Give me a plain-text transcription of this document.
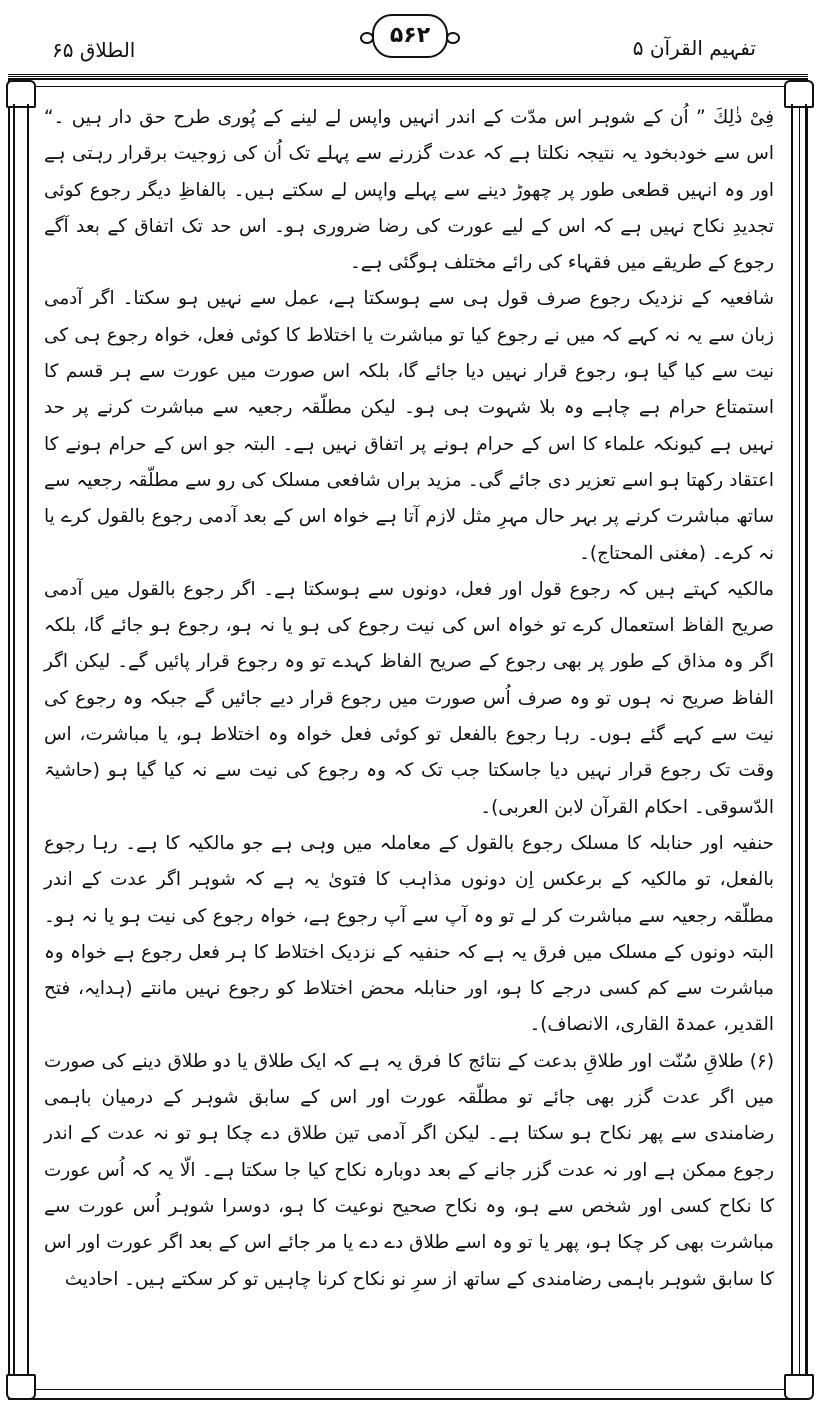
الطلاق ۶۵
۵۶۲	تفہیم القرآن ۵

فِیْ ذٰلِكَ ” اُن کے شوہر اس مدّت کے اندر انہیں واپس لے لینے کے پُوری طرح حق دار ہیں ۔“ اس سے خودبخود یہ نتیجہ نکلتا ہے کہ عدت گزرنے سے پہلے تک اُن کی زوجیت برقرار رہتی ہے اور وہ انہیں قطعی طور پر چھوڑ دینے سے پہلے واپس لے سکتے ہیں۔ بالفاظِ دیگر رجوع کوئی تجدیدِ نکاح نہیں ہے کہ اس کے لیے عورت کی رضا ضروری ہو۔ اس حد تک اتفاق کے بعد آگے رجوع کے طریقے میں فقہاء کی رائے مختلف ہوگئی ہے۔

شافعیہ کے نزدیک رجوع صرف قول ہی سے ہوسکتا ہے، عمل سے نہیں ہو سکتا۔ اگر آدمی زبان سے یہ نہ کہے کہ میں نے رجوع کیا تو مباشرت یا اختلاط کا کوئی فعل، خواہ رجوع ہی کی نیت سے کیا گیا ہو، رجوع قرار نہیں دیا جائے گا، بلکہ اس صورت میں عورت سے ہر قسم کا استمتاع حرام ہے چاہے وہ بلا شہوت ہی ہو۔ لیکن مطلّقہ رجعیہ سے مباشرت کرنے پر حد نہیں ہے کیونکہ علماء کا اس کے حرام ہونے پر اتفاق نہیں ہے۔ البتہ جو اس کے حرام ہونے کا اعتقاد رکھتا ہو اسے تعزیر دی جائے گی۔ مزید براں شافعی مسلک کی رو سے مطلّقہ رجعیہ سے ساتھ مباشرت کرنے پر بہر حال مہرِ مثل لازم آتا ہے خواہ اس کے بعد آدمی رجوع بالقول کرے یا نہ کرے۔ (مغنی المحتاج)۔

مالکیہ کہتے ہیں کہ رجوع قول اور فعل، دونوں سے ہوسکتا ہے۔ اگر رجوع بالقول میں آدمی صریح الفاظ استعمال کرے تو خواہ اس کی نیت رجوع کی ہو یا نہ ہو، رجوع ہو جائے گا، بلکہ اگر وہ مذاق کے طور پر بھی رجوع کے صریح الفاظ کہدے تو وہ رجوع قرار پائیں گے۔ لیکن اگر الفاظ صریح نہ ہوں تو وہ صرف اُس صورت میں رجوع قرار دیے جائیں گے جبکہ وہ رجوع کی نیت سے کہے گئے ہوں۔ رہا رجوع بالفعل تو کوئی فعل خواہ وہ اختلاط ہو، یا مباشرت، اس وقت تک رجوع قرار نہیں دیا جاسکتا جب تک کہ وہ رجوع کی نیت سے نہ کیا گیا ہو (حاشیۃ الدّسوقی۔ احکام القرآن لابن العربی)۔

حنفیہ اور حنابلہ کا مسلک رجوع بالقول کے معاملہ میں وہی ہے جو مالکیہ کا ہے۔ رہا رجوع بالفعل، تو مالکیہ کے برعکس اِن دونوں مذاہب کا فتویٰ یہ ہے کہ شوہر اگر عدت کے اندر مطلّقہ رجعیہ سے مباشرت کر لے تو وہ آپ سے آپ رجوع ہے، خواہ رجوع کی نیت ہو یا نہ ہو۔ البتہ دونوں کے مسلک میں فرق یہ ہے کہ حنفیہ کے نزدیک اختلاط کا ہر فعل رجوع ہے خواہ وہ مباشرت سے کم کسی درجے کا ہو، اور حنابلہ محض اختلاط کو رجوع نہیں مانتے (ہدایہ، فتح القدیر، عمدۃ القاری، الانصاف)۔

(۶) طلاقِ سُنّت اور طلاقِ بدعت کے نتائج کا فرق یہ ہے کہ ایک طلاق یا دو طلاق دینے کی صورت میں اگر عدت گزر بھی جائے تو مطلّقہ عورت اور اس کے سابق شوہر کے درمیان باہمی رضامندی سے پھر نکاح ہو سکتا ہے۔ لیکن اگر آدمی تین طلاق دے چکا ہو تو نہ عدت کے اندر رجوع ممکن ہے اور نہ عدت گزر جانے کے بعد دوبارہ نکاح کیا جا سکتا ہے۔ الّا یہ کہ اُس عورت کا نکاح کسی اور شخص سے ہو، وہ نکاح صحیح نوعیت کا ہو، دوسرا شوہر اُس عورت سے مباشرت بھی کر چکا ہو، پھر یا تو وہ اسے طلاق دے دے یا مر جائے اس کے بعد اگر عورت اور اس کا سابق شوہر باہمی رضامندی کے ساتھ از سرِ نو نکاح کرنا چاہیں تو کر سکتے ہیں۔ احادیث
